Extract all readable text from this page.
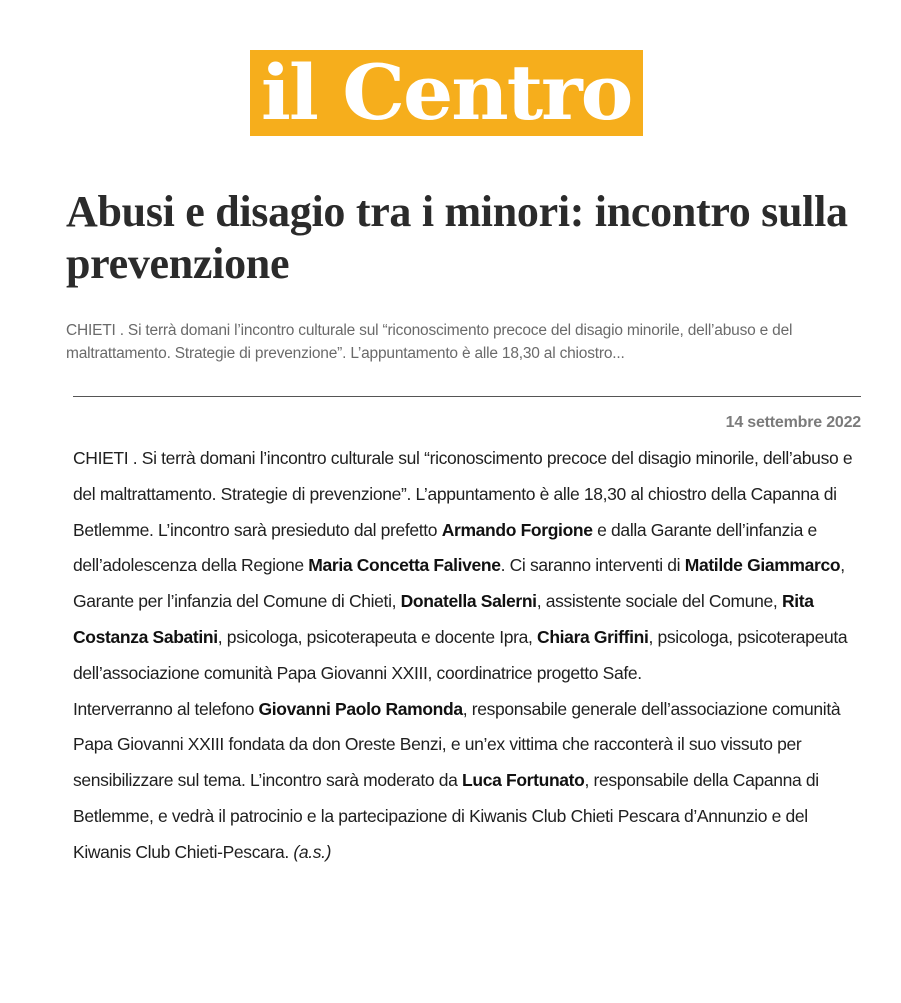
il Centro
Abusi e disagio tra i minori: incontro sulla prevenzione

CHIETI . Si terrà domani l’incontro culturale sul “riconoscimento precoce del disagio minorile, dell’abuso e del maltrattamento. Strategie di prevenzione”. L’appuntamento è alle 18,30 al chiostro...

14 settembre 2022

CHIETI . Si terrà domani l’incontro culturale sul “riconoscimento precoce del disagio minorile, dell’abuso e del maltrattamento. Strategie di prevenzione”. L’appuntamento è alle 18,30 al chiostro della Capanna di Betlemme. L’incontro sarà presieduto dal prefetto Armando Forgione e dalla Garante dell’infanzia e dell’adolescenza della Regione Maria Concetta Falivene. Ci saranno interventi di Matilde Giammarco, Garante per l’infanzia del Comune di Chieti, Donatella Salerni, assistente sociale del Comune, Rita Costanza Sabatini, psicologa, psicoterapeuta e docente Ipra, Chiara Griffini, psicologa, psicoterapeuta dell’associazione comunità Papa Giovanni XXIII, coordinatrice progetto Safe.

Interverranno al telefono Giovanni Paolo Ramonda, responsabile generale dell’associazione comunità Papa Giovanni XXIII fondata da don Oreste Benzi, e un’ex vittima che racconterà il suo vissuto per sensibilizzare sul tema. L’incontro sarà moderato da Luca Fortunato, responsabile della Capanna di Betlemme, e vedrà il patrocinio e la partecipazione di Kiwanis Club Chieti Pescara d’Annunzio e del Kiwanis Club Chieti-Pescara. (a.s.)
